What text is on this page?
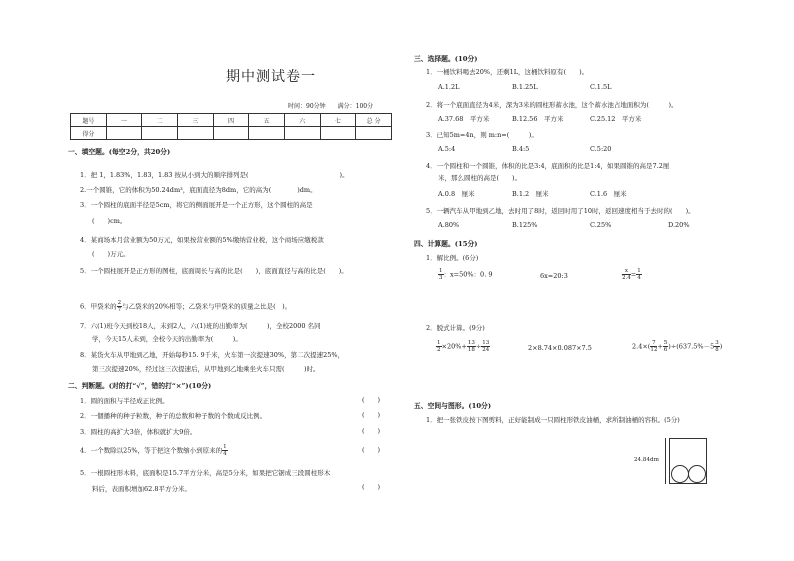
期中测试卷一
时间：90分钟　　满分：100分
题号	一	二	三	四	五	六	七	总 分
得分								
一、填空题。(每空2分，共20分)
1．把 1，1.83%，1.83，1.83̇ 按从小到大的顺序排列是(　　　　　　　　　　　　　　)。
2.一个圆锥，它的体积为50.24dm³，底面直径为8dm，它的高为(　　　　)dm。
3．一个圆柱的底面半径是5cm，将它的侧面展开是一个正方形，这个圆柱的高是
(　　)cm。
4．某商场本月营业额为50万元，如果按营业额的5%缴纳营业税，这个商场应缴税款
(　　)万元。
5．一个圆柱展开是正方形的图柱，底面周长与高的比是(　　)，底面直径与高的比是(　　)。
6．甲袋米的 $\frac{2}{7}$ 与乙袋米的20%相等；乙袋米与甲袋米的质量之比是(　)。
7．六(1)班今天到校18人，未到2人，六(1)班的出勤率为(　　　)，全校2000 名同
学，今天15人未到，全校今天的出勤率为(　　　)。
8．某货火车从甲地到乙地，开始每秒15. 9千米，火车第一次提速30%，第二次提速25%，
第三次提速20%，经过这三次提速后，从甲地到乙地乘坐火车只需(　　　)时。
二、判断题。(对的打“√”，错的打“×”)(10分)
1．圆的面积与半径成正比例。	(　　)
2．一個播种的种子粒数，种子的总数和种子数的个数成反比例。	(　　)
3．圆柱的高扩大3倍，体积就扩大9倍。	(　　)
4．一个数除以25%，等于把这个数缩小到原来的 $\frac{1}{4}$	(　　)
5．一根圆柱形木料，底面积是15.7平方分米，高是5分米，如果把它锯成三段圆柱形木
料后，表面积增加62.8平方分米。	(　　)
三、选择题。(10分)
1．一桶饮料喝去20%，还剩1L，这桶饮料原有(　　)。
A.1.2L	B.1.25L	C.1.5L
2．将一个底面直径为4米，深为3米的圆柱形蓄水池，这个蓄水池占地面积为(　　　)。
A.37.68　平方米	B.12.56　平方米	C.25.12　平方米
3．已知5m=4n，则 m:n=(　　　)。
A.5:4	B.4:5	C.5:20
4．一个圆柱和一个圆锥，体积的比是3:4，底面积的比是1:4，如果圆锥的高是7.2厘
米，那么圆柱的高是(　　)。
A.0.8　厘米	B.1.2　厘米	C.1.6　厘米
5．一辆汽车从甲地到乙地，去时用了8时，返回时用了10时，返回速度相当于去时的(　　)。
A.80%	B.125%	C.25%	D.20%
四、计算题。(15分)
1．解比例。(6分)
$\frac{1}{3}$ ：x=50%：0. 9	6x=20:3	$\frac{x}{2.4} = \frac{1}{4}$
2．脱式计算。(9分)
$\frac{1}{2} \times 20\%+ \frac{13}{18} \div \frac{13}{24}$	2×8.74×0.087×7.5	$2.4\times( \frac{7}{12} + \frac{5}{6} )\div(637.5\%-5 \frac{3}{8}$ )
五、空间与图形。(10分)
1．把一张铁皮按下图剪料，正好能制成一只圆柱形铁皮油桶，求所制油桶的容积。(5分)
24.84dm
